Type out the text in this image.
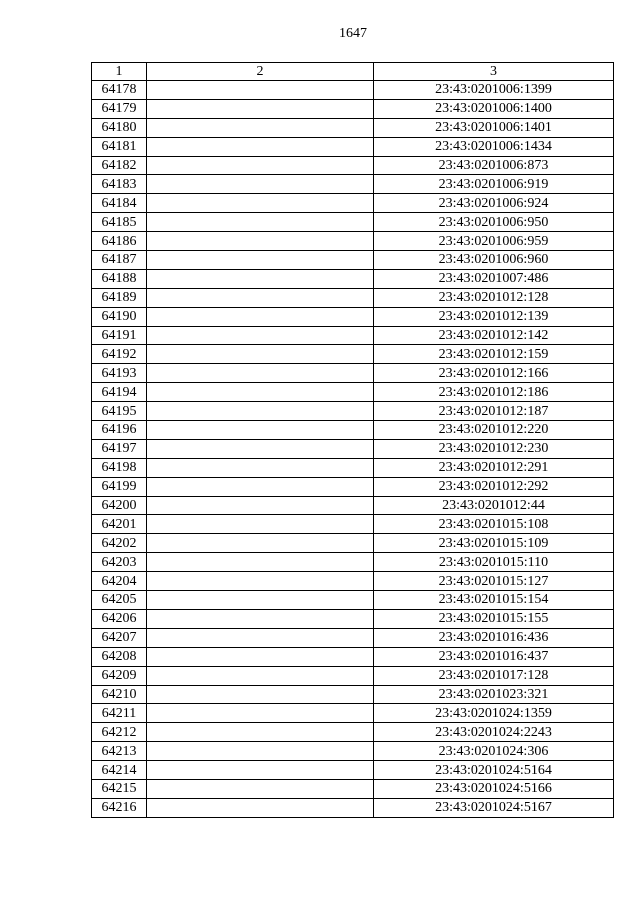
1647
1	2	3
64178		23:43:0201006:1399
64179		23:43:0201006:1400
64180		23:43:0201006:1401
64181		23:43:0201006:1434
64182		23:43:0201006:873
64183		23:43:0201006:919
64184		23:43:0201006:924
64185		23:43:0201006:950
64186		23:43:0201006:959
64187		23:43:0201006:960
64188		23:43:0201007:486
64189		23:43:0201012:128
64190		23:43:0201012:139
64191		23:43:0201012:142
64192		23:43:0201012:159
64193		23:43:0201012:166
64194		23:43:0201012:186
64195		23:43:0201012:187
64196		23:43:0201012:220
64197		23:43:0201012:230
64198		23:43:0201012:291
64199		23:43:0201012:292
64200		23:43:0201012:44
64201		23:43:0201015:108
64202		23:43:0201015:109
64203		23:43:0201015:110
64204		23:43:0201015:127
64205		23:43:0201015:154
64206		23:43:0201015:155
64207		23:43:0201016:436
64208		23:43:0201016:437
64209		23:43:0201017:128
64210		23:43:0201023:321
64211		23:43:0201024:1359
64212		23:43:0201024:2243
64213		23:43:0201024:306
64214		23:43:0201024:5164
64215		23:43:0201024:5166
64216		23:43:0201024:5167
